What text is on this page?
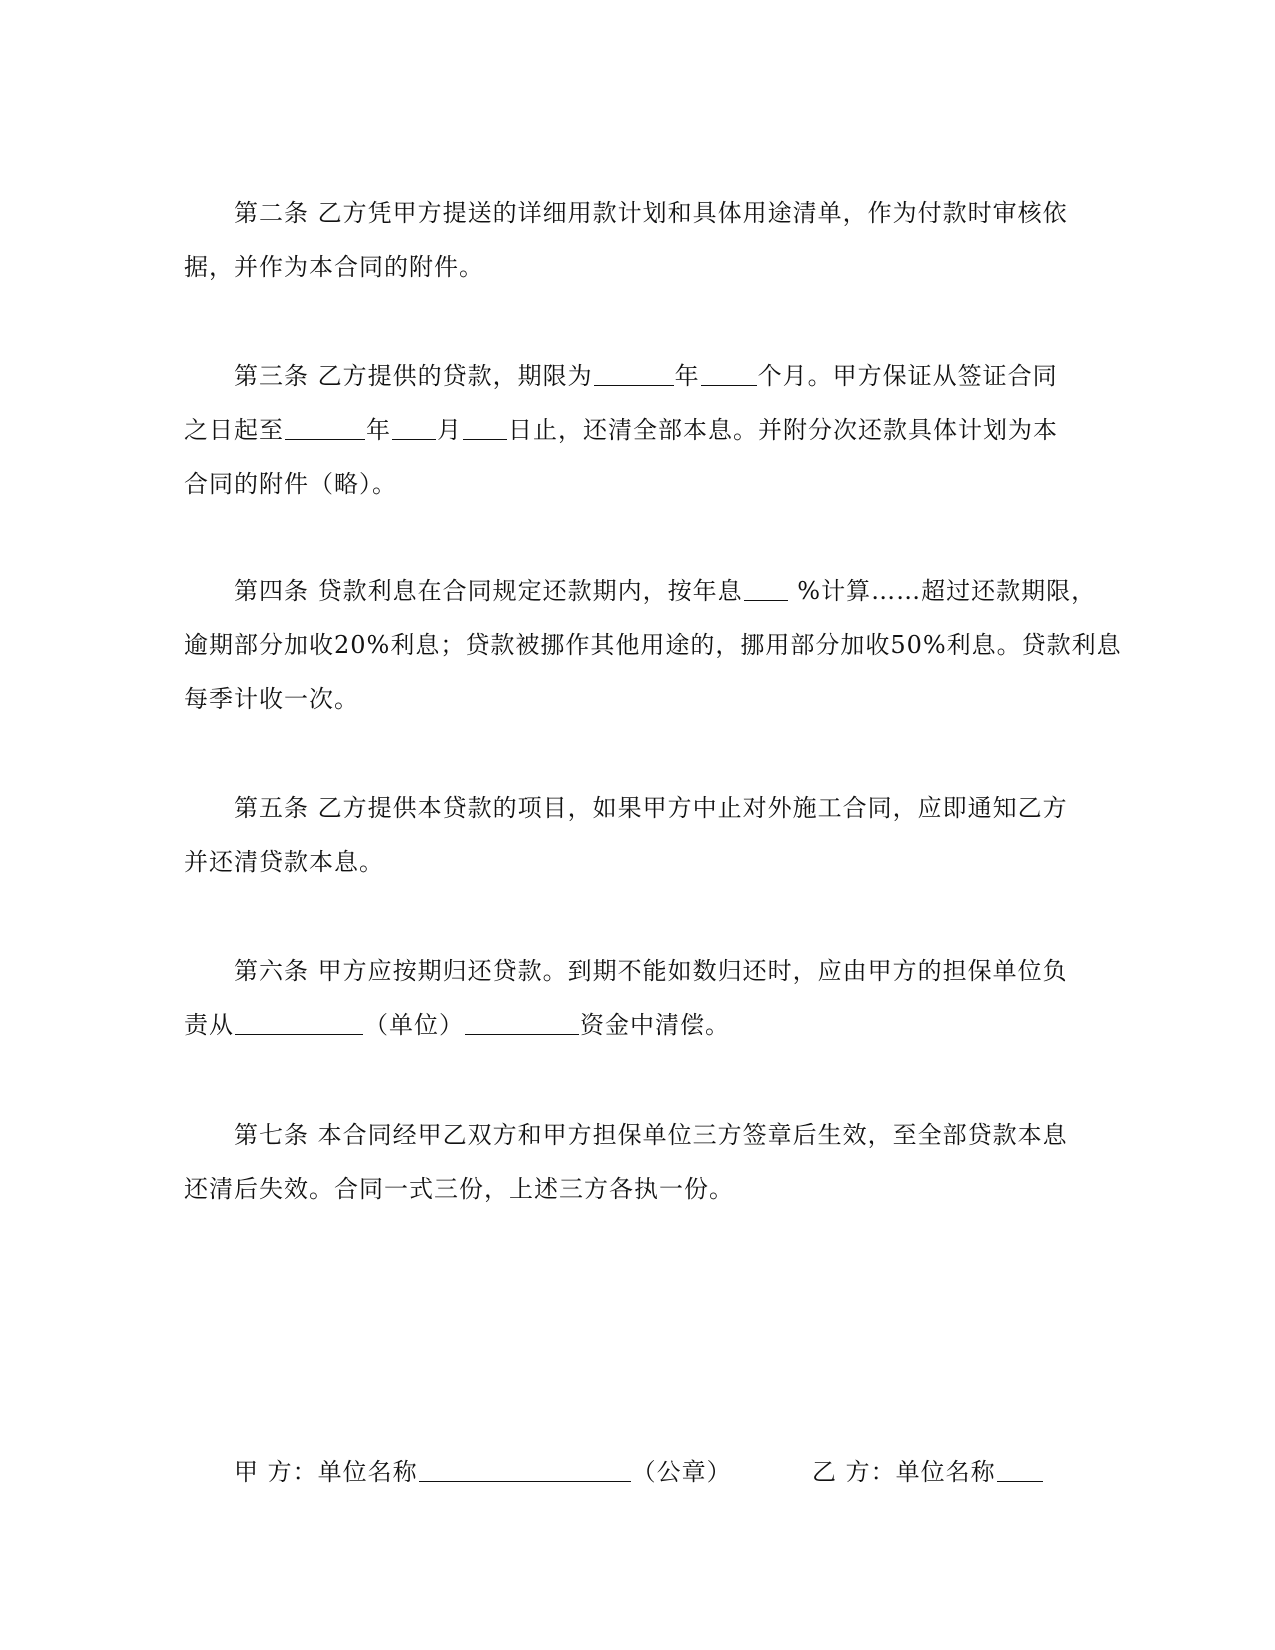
第二条 乙方凭甲方提送的详细用款计划和具体用途清单，作为付款时审核依
据，并作为本合同的附件。
第三条 乙方提供的贷款，期限为	年 个月。甲方保证从签证合同
之日起至	年 月 日止，还清全部本息。并附分次还款具体计划为本
合同的附件（略）。
第四条 贷款利息在合同规定还款期内，按年息 %计算……超过还款期限，
逾期部分加收20%利息；贷款被挪作其他用途的，挪用部分加收50%利息。贷款利息
每季计收一次。
第五条 乙方提供本贷款的项目，如果甲方中止对外施工合同，应即通知乙方
并还清贷款本息。
第六条 甲方应按期归还贷款。到期不能如数归还时，应由甲方的担保单位负
责从	（单位）	资金中清偿。
第七条 本合同经甲乙双方和甲方担保单位三方签章后生效，至全部贷款本息
还清后失效。合同一式三份，上述三方各执一份。
甲 方：单位名称	（公章）	乙 方：单位名称
